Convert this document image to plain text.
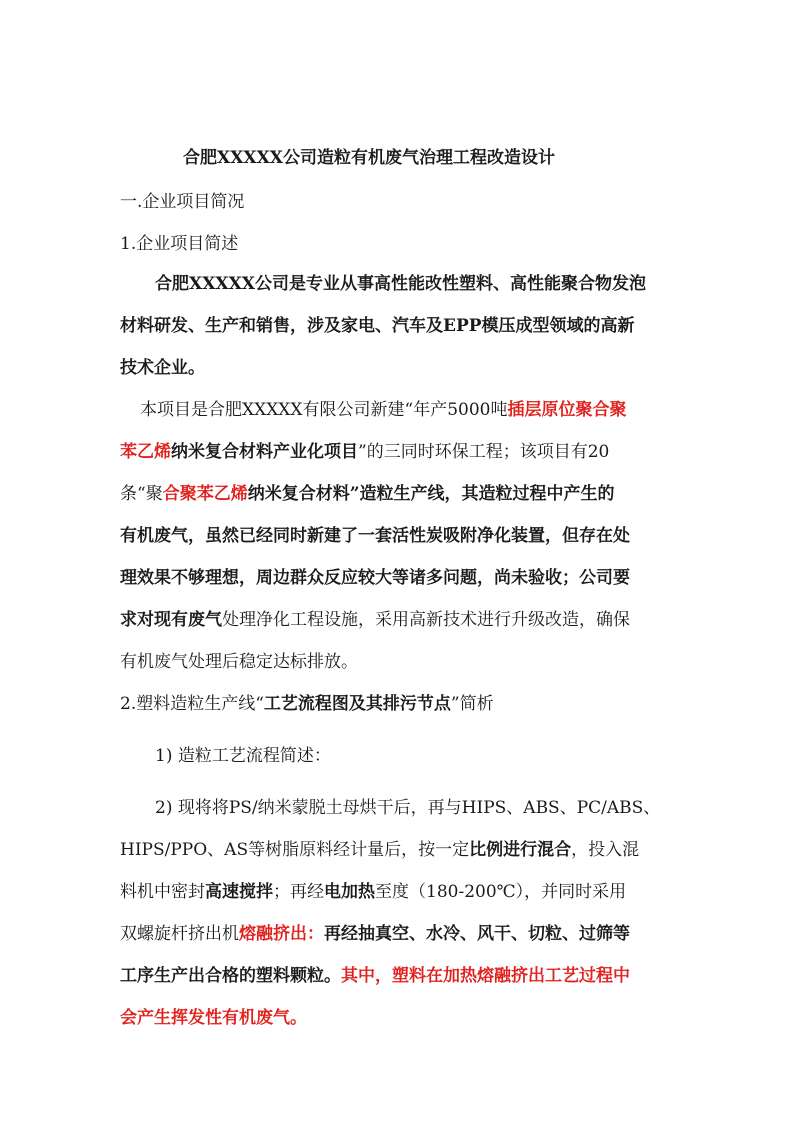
合肥XXXXX公司造粒有机废气治理工程改造设计
一.企业项目简况
1.企业项目简述
合肥XXXXX公司是专业从事高性能改性塑料、高性能聚合物发泡
材料研发、生产和销售，涉及家电、汽车及EPP模压成型领域的高新
技术企业。
本项目是合肥XXXXX有限公司新建“年产5000吨插层原位聚合聚
苯乙烯纳米复合材料产业化项目”的三同时环保工程；该项目有20
条“聚合聚苯乙烯纳米复合材料”造粒生产线，其造粒过程中产生的
有机废气，虽然已经同时新建了一套活性炭吸附净化装置，但存在处
理效果不够理想，周边群众反应较大等诸多问题，尚未验收；公司要
求对现有废气处理净化工程设施，采用高新技术进行升级改造，确保
有机废气处理后稳定达标排放。
2.塑料造粒生产线“工艺流程图及其排污节点”简析
1) 造粒工艺流程简述：
2) 现将将PS/纳米蒙脱土母烘干后，再与HIPS、ABS、PC/ABS、
HIPS/PPO、AS等树脂原料经计量后，按一定比例进行混合，投入混
料机中密封高速搅拌；再经电加热至度（180-200℃），并同时采用
双螺旋杆挤出机熔融挤出：再经抽真空、水冷、风干、切粒、过筛等
工序生产出合格的塑料颗粒。其中，塑料在加热熔融挤出工艺过程中
会产生挥发性有机废气。
